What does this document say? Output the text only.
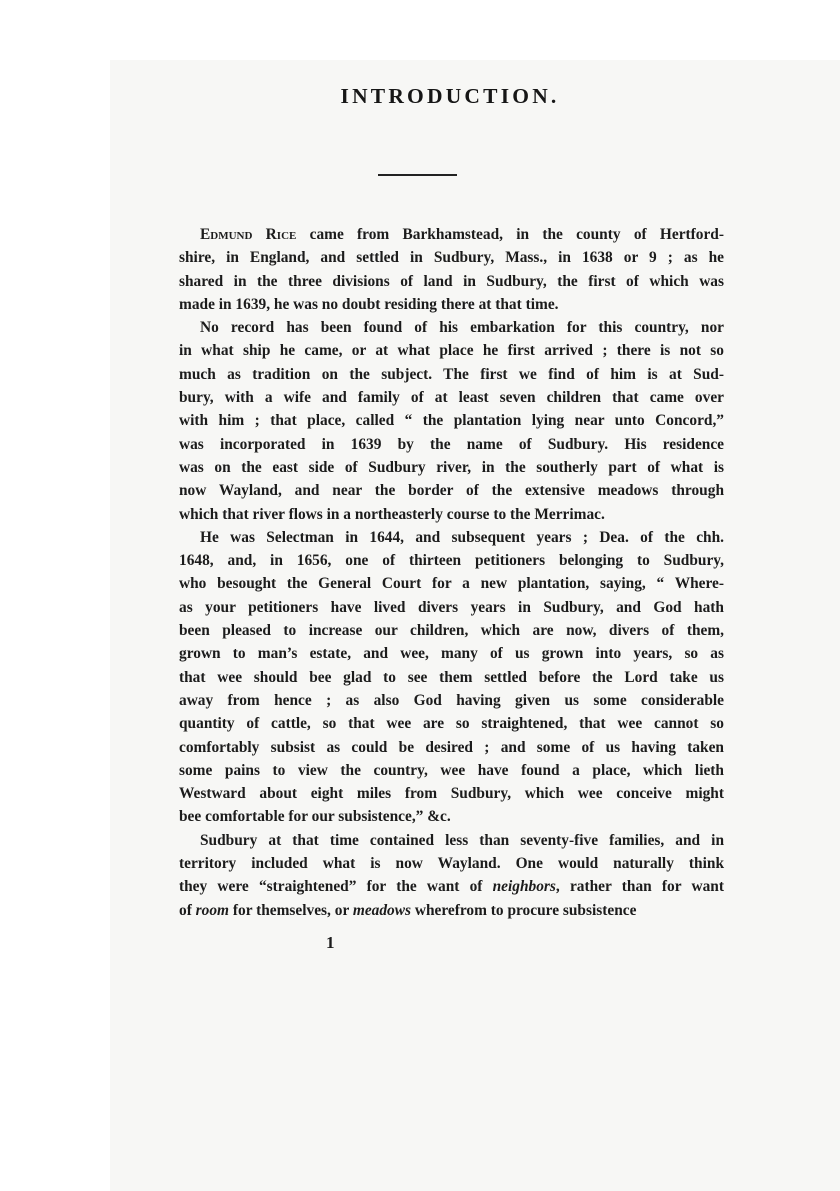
INTRODUCTION.
Edmund Rice came from Barkhamstead, in the county of Hertford-
shire, in England, and settled in Sudbury, Mass., in 1638 or 9 ; as he
shared in the three divisions of land in Sudbury, the first of which was
made in 1639, he was no doubt residing there at that time.
No record has been found of his embarkation for this country, nor
in what ship he came, or at what place he first arrived ; there is not so
much as tradition on the subject. The first we find of him is at Sud-
bury, with a wife and family of at least seven children that came over
with him ; that place, called “ the plantation lying near unto Concord,”
was incorporated in 1639 by the name of Sudbury. His residence
was on the east side of Sudbury river, in the southerly part of what is
now Wayland, and near the border of the extensive meadows through
which that river flows in a northeasterly course to the Merrimac.
He was Selectman in 1644, and subsequent years ; Dea. of the chh.
1648, and, in 1656, one of thirteen petitioners belonging to Sudbury,
who besought the General Court for a new plantation, saying, “ Where-
as your petitioners have lived divers years in Sudbury, and God hath
been pleased to increase our children, which are now, divers of them,
grown to man’s estate, and wee, many of us grown into years, so as
that wee should bee glad to see them settled before the Lord take us
away from hence ; as also God having given us some considerable
quantity of cattle, so that wee are so straightened, that wee cannot so
comfortably subsist as could be desired ; and some of us having taken
some pains to view the country, wee have found a place, which lieth
Westward about eight miles from Sudbury, which wee conceive might
bee comfortable for our subsistence,” &c.
Sudbury at that time contained less than seventy-five families, and in
territory included what is now Wayland. One would naturally think
they were “straightened” for the want of neighbors, rather than for want
of room for themselves, or meadows wherefrom to procure subsistence
1
